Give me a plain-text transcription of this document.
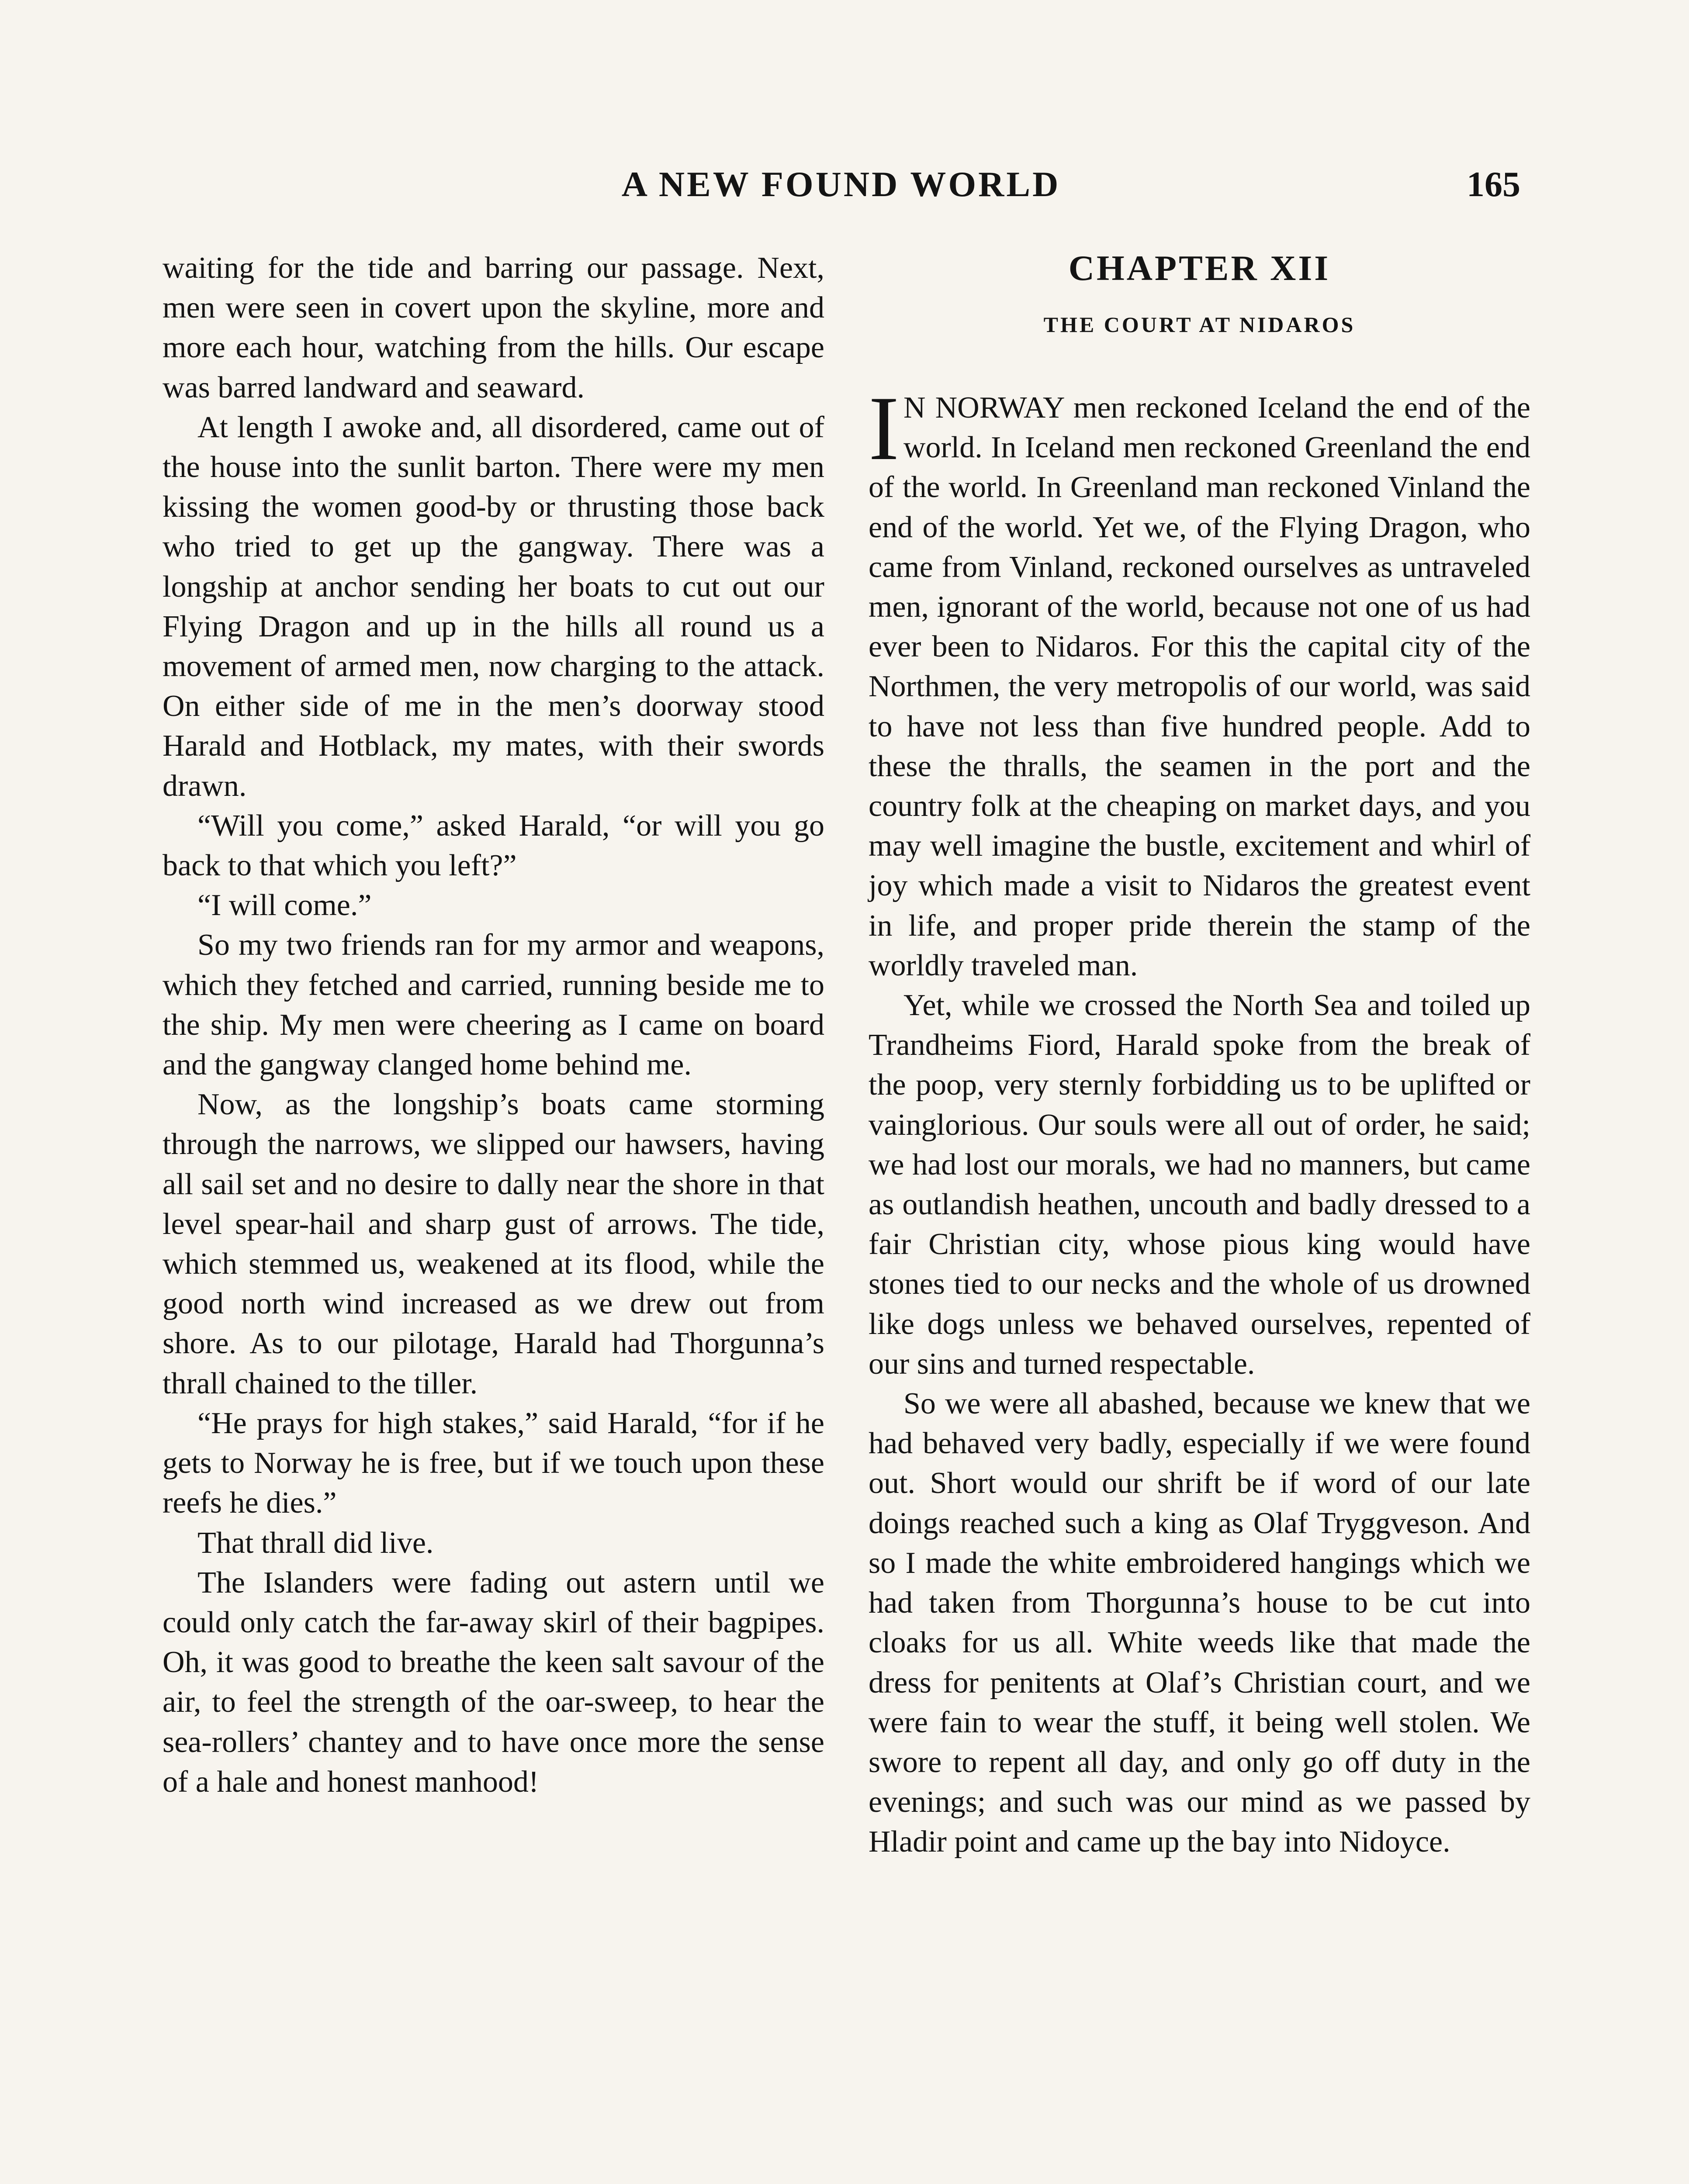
A NEW FOUND WORLD	165

waiting for the tide and barring our passage. Next, men were seen in covert upon the skyline, more and more each hour, watching from the hills. Our escape was barred landward and seaward.

At length I awoke and, all disordered, came out of the house into the sunlit barton. There were my men kissing the women good-by or thrusting those back who tried to get up the gangway. There was a longship at anchor sending her boats to cut out our Flying Dragon and up in the hills all round us a movement of armed men, now charging to the attack. On either side of me in the men’s doorway stood Harald and Hotblack, my mates, with their swords drawn.

“Will you come,” asked Harald, “or will you go back to that which you left?”

“I will come.”

So my two friends ran for my armor and weapons, which they fetched and carried, running beside me to the ship. My men were cheering as I came on board and the gangway clanged home behind me.

Now, as the longship’s boats came storming through the narrows, we slipped our hawsers, having all sail set and no desire to dally near the shore in that level spear-hail and sharp gust of arrows. The tide, which stemmed us, weakened at its flood, while the good north wind increased as we drew out from shore. As to our pilotage, Harald had Thorgunna’s thrall chained to the tiller.

“He prays for high stakes,” said Harald, “for if he gets to Norway he is free, but if we touch upon these reefs he dies.”

That thrall did live.

The Islanders were fading out astern until we could only catch the far-away skirl of their bagpipes. Oh, it was good to breathe the keen salt savour of the air, to feel the strength of the oar-sweep, to hear the sea-rollers’ chantey and to have once more the sense of a hale and honest manhood!

CHAPTER XII
THE COURT AT NIDAROS

I N NORWAY men reckoned Iceland the end of the world. In Iceland men reckoned Greenland the end of the world. In Greenland man reckoned Vinland the end of the world. Yet we, of the Flying Dragon, who came from Vinland, reckoned ourselves as untraveled men, ignorant of the world, because not one of us had ever been to Nidaros. For this the capital city of the Northmen, the very metropolis of our world, was said to have not less than five hundred people. Add to these the thralls, the seamen in the port and the country folk at the cheaping on market days, and you may well imagine the bustle, excitement and whirl of joy which made a visit to Nidaros the greatest event in life, and proper pride therein the stamp of the worldly traveled man.

Yet, while we crossed the North Sea and toiled up Trandheims Fiord, Harald spoke from the break of the poop, very sternly forbidding us to be uplifted or vainglorious. Our souls were all out of order, he said; we had lost our morals, we had no manners, but came as outlandish heathen, uncouth and badly dressed to a fair Christian city, whose pious king would have stones tied to our necks and the whole of us drowned like dogs unless we behaved ourselves, repented of our sins and turned respectable.

So we were all abashed, because we knew that we had behaved very badly, especially if we were found out. Short would our shrift be if word of our late doings reached such a king as Olaf Tryggveson. And so I made the white embroidered hangings which we had taken from Thorgunna’s house to be cut into cloaks for us all. White weeds like that made the dress for penitents at Olaf’s Christian court, and we were fain to wear the stuff, it being well stolen. We swore to repent all day, and only go off duty in the evenings; and such was our mind as we passed by Hladir point and came up the bay into Nidoyce.
